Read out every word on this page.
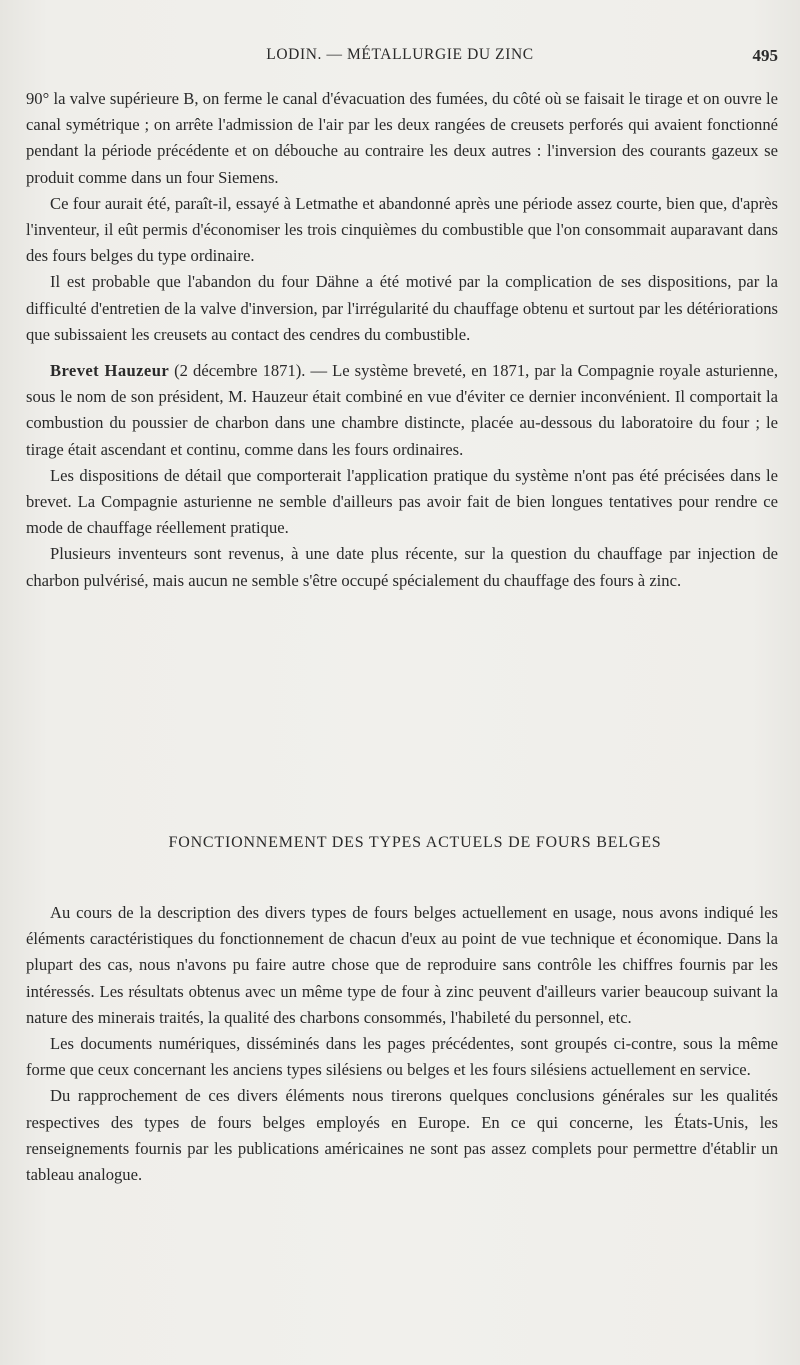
LODIN. — MÉTALLURGIE DU ZINC	495

90° la valve supérieure B, on ferme le canal d'évacuation des fumées, du côté où se faisait le tirage et on ouvre le canal symétrique ; on arrête l'admission de l'air par les deux rangées de creusets perforés qui avaient fonctionné pendant la période précédente et on débouche au contraire les deux autres : l'inversion des courants gazeux se produit comme dans un four Siemens.

Ce four aurait été, paraît-il, essayé à Letmathe et abandonné après une période assez courte, bien que, d'après l'inventeur, il eût permis d'économiser les trois cinquièmes du combustible que l'on consommait auparavant dans des fours belges du type ordinaire.

Il est probable que l'abandon du four Dähne a été motivé par la complication de ses dispositions, par la difficulté d'entretien de la valve d'inversion, par l'irrégularité du chauffage obtenu et surtout par les détériorations que subissaient les creusets au contact des cendres du combustible.

Brevet Hauzeur (2 décembre 1871). — Le système breveté, en 1871, par la Compagnie royale asturienne, sous le nom de son président, M. Hauzeur était combiné en vue d'éviter ce dernier inconvénient. Il comportait la combustion du poussier de charbon dans une chambre distincte, placée au-dessous du laboratoire du four ; le tirage était ascendant et continu, comme dans les fours ordinaires.

Les dispositions de détail que comporterait l'application pratique du système n'ont pas été précisées dans le brevet. La Compagnie asturienne ne semble d'ailleurs pas avoir fait de bien longues tentatives pour rendre ce mode de chauffage réellement pratique.

Plusieurs inventeurs sont revenus, à une date plus récente, sur la question du chauffage par injection de charbon pulvérisé, mais aucun ne semble s'être occupé spécialement du chauffage des fours à zinc.

FONCTIONNEMENT DES TYPES ACTUELS DE FOURS BELGES

Au cours de la description des divers types de fours belges actuellement en usage, nous avons indiqué les éléments caractéristiques du fonctionnement de chacun d'eux au point de vue technique et économique. Dans la plupart des cas, nous n'avons pu faire autre chose que de reproduire sans contrôle les chiffres fournis par les intéressés. Les résultats obtenus avec un même type de four à zinc peuvent d'ailleurs varier beaucoup suivant la nature des minerais traités, la qualité des charbons consommés, l'habileté du personnel, etc.

Les documents numériques, disséminés dans les pages précédentes, sont groupés ci-contre, sous la même forme que ceux concernant les anciens types silésiens ou belges et les fours silésiens actuellement en service.

Du rapprochement de ces divers éléments nous tirerons quelques conclusions générales sur les qualités respectives des types de fours belges employés en Europe. En ce qui concerne, les États-Unis, les renseignements fournis par les publications américaines ne sont pas assez complets pour permettre d'établir un tableau analogue.
